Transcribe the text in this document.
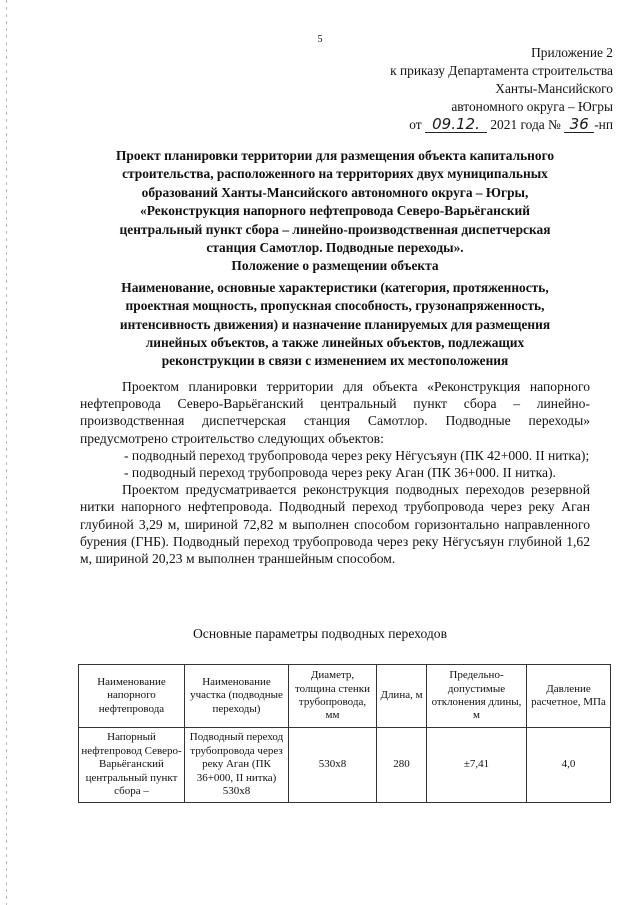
5
Приложение 2
к приказу Департамента строительства
Ханты-Мансийского
автономного округа – Югры
от 09.12. 2021 года № 36 -нп
Проект планировки территории для размещения объекта капитального
строительства, расположенного на территориях двух муниципальных
образований Ханты-Мансийского автономного округа – Югры,
«Реконструкция напорного нефтепровода Северо-Варьёганский
центральный пункт сбора – линейно-производственная диспетчерская
станция Самотлор. Подводные переходы».
Положение о размещении объекта
Наименование, основные характеристики (категория, протяженность,
проектная мощность, пропускная способность, грузонапряженность,
интенсивность движения) и назначение планируемых для размещения
линейных объектов, а также линейных объектов, подлежащих
реконструкции в связи с изменением их местоположения

Проектом планировки территории для объекта «Реконструкция напорного нефтепровода Северо-Варьёганский центральный пункт сбора – линейно-производственная диспетчерская станция Самотлор. Подводные переходы» предусмотрено строительство следующих объектов:

- подводный переход трубопровода через реку Нёгусъяун (ПК 42+000. II нитка);

- подводный переход трубопровода через реку Аган (ПК 36+000. II нитка).

Проектом предусматривается реконструкция подводных переходов резервной нитки напорного нефтепровода. Подводный переход трубопровода через реку Аган глубиной 3,29 м, шириной 72,82 м выполнен способом горизонтально направленного бурения (ГНБ). Подводный переход трубопровода через реку Нёгусъяун глубиной 1,62 м, шириной 20,23 м выполнен траншейным способом.

Основные параметры подводных переходов
Наименование напорного нефтепровода	Наименование участка (подводные переходы)	Диаметр, толщина стенки трубопровода, мм	Длина, м	Предельно-допустимые отклонения длины, м	Давление расчетное, МПа
Напорный нефтепровод Северо-Варьёганский центральный пункт сбора –	Подводный переход трубопровода через реку Аган (ПК 36+000, II нитка) 530х8	530х8	280	±7,41	4,0
